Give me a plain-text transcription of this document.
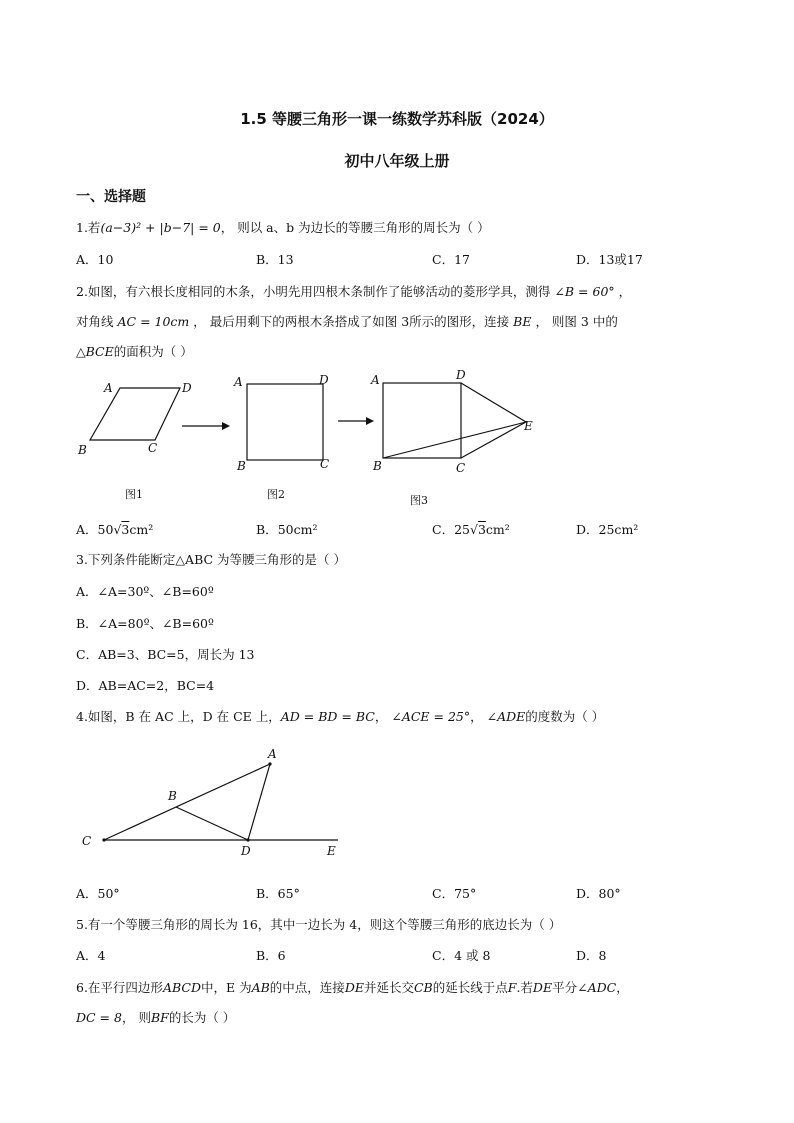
1.5 等腰三角形一课一练数学苏科版（2024）
初中八年级上册
一、选择题
1.若(a−3)² + |b−7| = 0， 则以 a、b 为边长的等腰三角形的周长为（ ）
A．10	B．13	C．17	D．13或17
2.如图，有六根长度相同的木条，小明先用四根木条制作了能够活动的菱形学具，测得 ∠B = 60° ，
对角线 AC = 10cm ， 最后用剩下的两根木条搭成了如图 3所示的图形，连接 BE ， 则图 3 中的
△BCE的面积为（ ）
A	D
B	C
图1
A	D
B	C
图2
A	D
E
B	C
图3
A．50√3cm²	B．50cm²	C．25√3cm²	D．25cm²
3.下列条件能断定△ABC 为等腰三角形的是（ ）
A．∠A=30º、∠B=60º
B．∠A=80º、∠B=60º
C．AB=3、BC=5，周长为 13
D．AB=AC=2，BC=4
4.如图，B 在 AC 上，D 在 CE 上，AD = BD = BC， ∠ACE = 25°， ∠ADE的度数为（ ）
A
B
C
D	E
A．50°	B．65°	C．75°	D．80°
5.有一个等腰三角形的周长为 16，其中一边长为 4，则这个等腰三角形的底边长为（ ）
A．4	B．6	C．4 或 8	D．8
6.在平行四边形ABCD中，E 为AB的中点，连接DE并延长交CB的延长线于点F.若DE平分∠ADC，
DC = 8， 则BF的长为（ ）
